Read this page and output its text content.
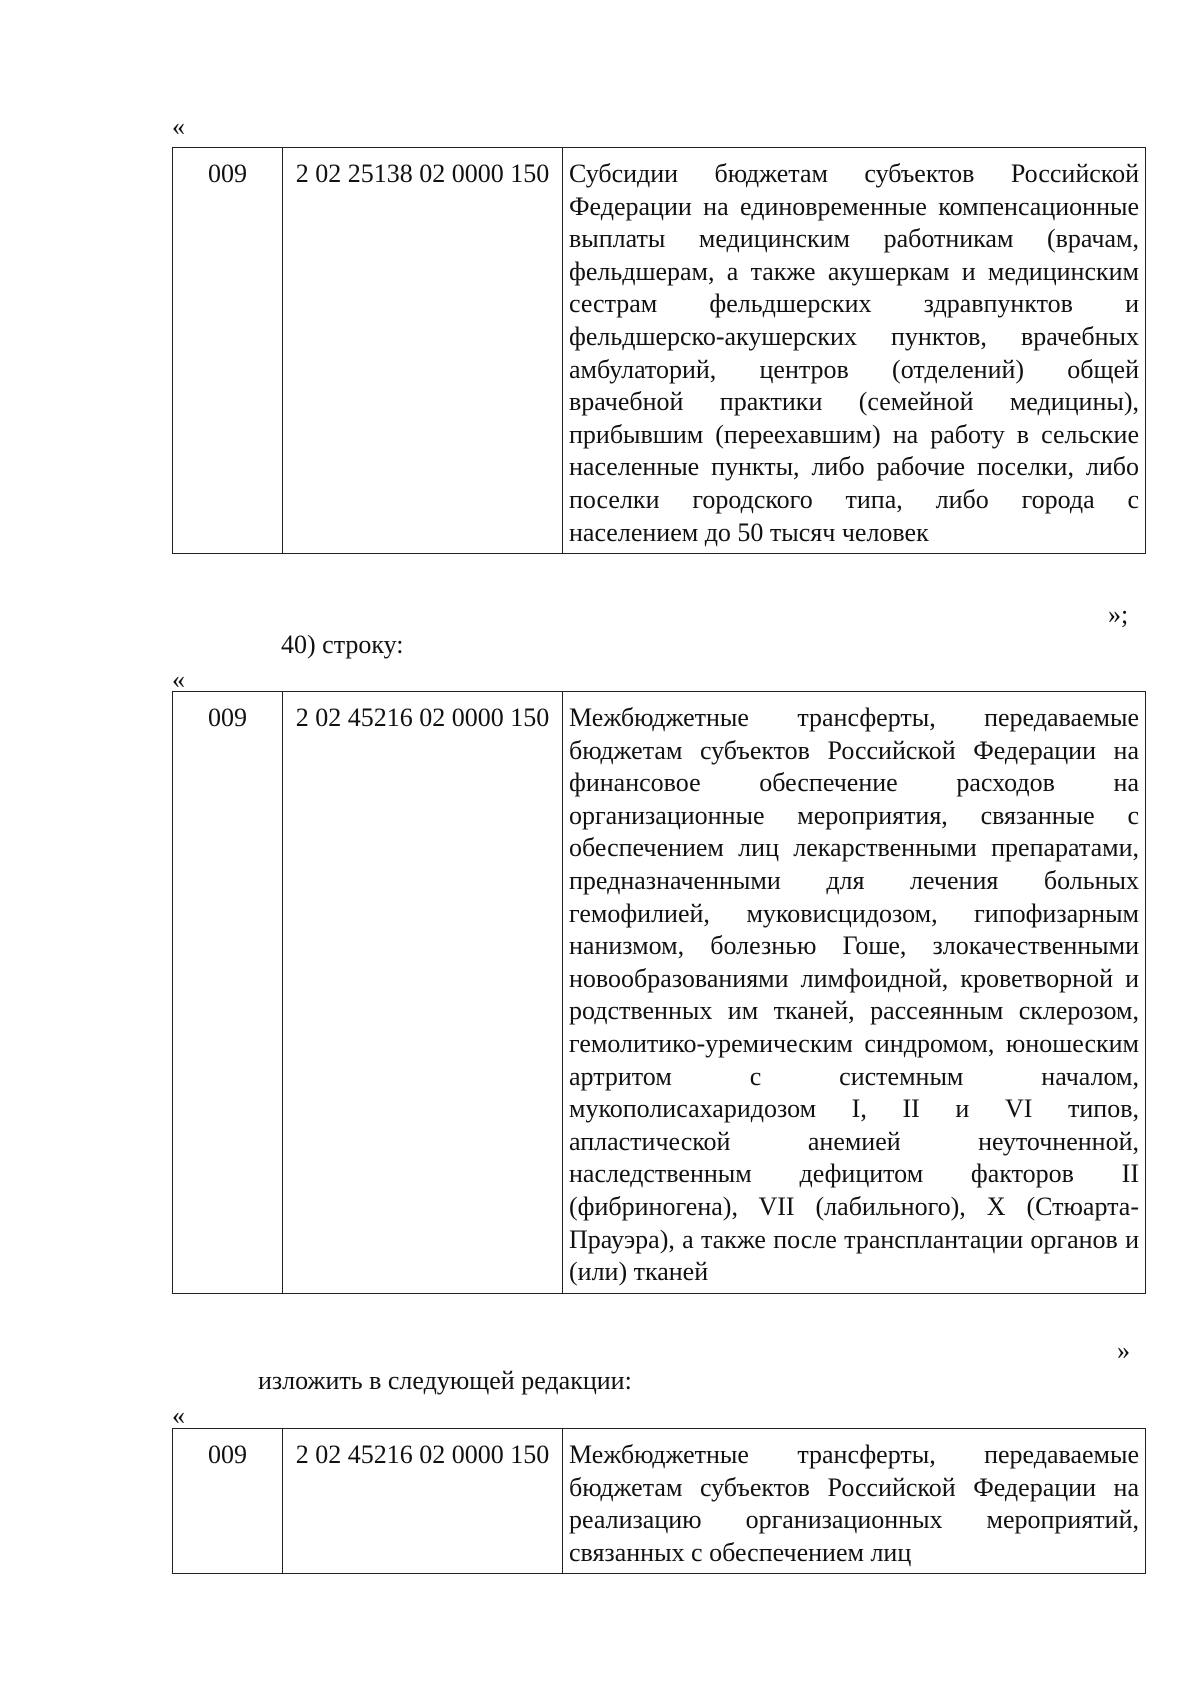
«
009	2 02 25138 02 0000 150	Субсидии бюджетам субъектов Российской Федерации на единовременные компенсационные выплаты медицинским работникам (врачам, фельдшерам, а также акушеркам и медицинским сестрам фельдшерских здравпунктов и фельдшерско-акушерских пунктов, врачебных амбулаторий, центров (отделений) общей врачебной практики (семейной медицины), прибывшим (переехавшим) на работу в сельские населенные пункты, либо рабочие поселки, либо поселки городского типа, либо города с населением до 50 тысяч человек
»;
40) строку:
«
009	2 02 45216 02 0000 150	Межбюджетные трансферты, передаваемые бюджетам субъектов Российской Федерации на финансовое обеспечение расходов на организационные мероприятия, связанные с обеспечением лиц лекарственными препаратами, предназначенными для лечения больных гемофилией, муковисцидозом, гипофизарным нанизмом, болезнью Гоше, злокачественными новообразованиями лимфоидной, кроветворной и родственных им тканей, рассеянным склерозом, гемолитико-уремическим синдромом, юношеским артритом с системным началом, мукополисахаридозом I, II и VI типов, апластической анемией неуточненной, наследственным дефицитом факторов II (фибриногена), VII (лабильного), X (Стюарта-Прауэра), а также после трансплантации органов и (или) тканей
»
изложить в следующей редакции:
«
009	2 02 45216 02 0000 150	Межбюджетные трансферты, передаваемые бюджетам субъектов Российской Федерации на реализацию организационных мероприятий, связанных с обеспечением лиц
